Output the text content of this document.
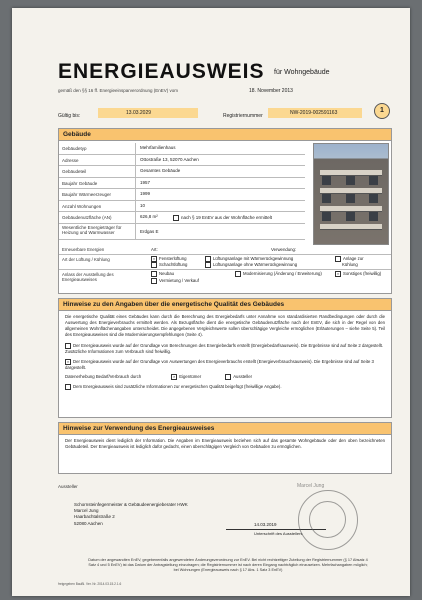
ENERGIEAUSWEIS für Wohngebäude
gemäß den §§ 16 ff. Energieeinsparverordnung (EnEV) vom	18. November 2013
Gültig bis:	13.03.2029	Registriernummer	NW-2019-002591163	1
Gebäude
Gebäudetyp	Mehrfamilienhaus
Adresse	Ottostraße 13, 52070 Aachen
Gebäudeteil	Gesamtes Gebäude
Baujahr Gebäude	1957
Baujahr Wärmeerzeuger	1999
Anzahl Wohnungen	10
Gebäudenutzfläche (AN)	626,8 m²	nach § 19 EnEV aus der Wohnfläche ermittelt
Wesentliche Energieträger für Heizung und Warmwasser	Erdgas E
Erneuerbare Energien	Art:	Verwendung:
Art der Lüftung / Kühlung	× Fensterlüftung	Lüftungsanlage mit Wärmerückgewinnung	Anlage zur
Schachtlüftung	Lüftungsanlage ohne Wärmerückgewinnung	Kühlung
Anlass der Ausstellung des Energieausweises
Neubau	Modernisierung (Änderung / Erweiterung)	× Sonstiges (freiwillig)
Vermietung / Verkauf
Hinweise zu den Angaben über die energetische Qualität des Gebäudes
Die energetische Qualität eines Gebäudes kann durch die Berechnung des Energiebedarfs unter Annahme von standardisierten Randbedingungen oder durch die Auswertung des Energieverbrauchs ermittelt werden. Als Bezugsfläche dient die energetische Gebäudenutzfläche nach der EnEV, die sich in der Regel von den allgemeinen Wohnflächenangaben unterscheidet. Die angegebenen Vergleichswerte sollen überschlägige Vergleiche ermöglichen (Erläuterungen – siehe Seite 5). Teil des Energieausweises sind die Modernisierungsempfehlungen (Seite 4).
Der Energieausweis wurde auf der Grundlage von Berechnungen des Energiebedarfs erstellt (Energiebedarfsausweis). Die Ergebnisse sind auf Seite 2 dargestellt. Zusätzliche Informationen zum Verbrauch sind freiwillig.
× Der Energieausweis wurde auf der Grundlage von Auswertungen des Energieverbrauchs erstellt (Energieverbrauchsausweis). Die Ergebnisse sind auf Seite 3 dargestellt.
Datenerhebung Bedarf/Verbrauch durch	× Eigentümer	Aussteller
Dem Energieausweis sind zusätzliche Informationen zur energetischen Qualität beigefügt (freiwillige Angabe).
Hinweise zur Verwendung des Energieausweises
Der Energieausweis dient lediglich der Information. Die Angaben im Energieausweis beziehen sich auf das gesamte Wohngebäude oder den oben bezeichneten Gebäudeteil. Der Energieausweis ist lediglich dafür gedacht, einen überschlägigen Vergleich von Gebäuden zu ermöglichen.
Aussteller
Schornsteinfegermeister & Gebäudeenergieberater HWK
Marcel Jung
Haarbachtalstraße 2
52080 Aachen	14.03.2019
Unterschrift des Ausstellers
Marcel Jung
Datum der angewandten EnEV, gegebenenfalls angewendeten Änderungsverordnung zur EnEV. Bei nicht rechtzeitiger Zuteilung der Registriernummer (§ 17 Absatz 4 Satz 4 und 5 EnEV) ist das Datum der Antragstellung einzutragen; die Registriernummer ist nach deren Eingang nachträglich einzusetzen. Mehrfachangaben möglich; bei Wohnungen (Energieausweis nach § 17 Abs. 1 Satz 3 EnEV)
freigegeben BauBl. Ver. Nr. 2014.03.15.2.1.6
